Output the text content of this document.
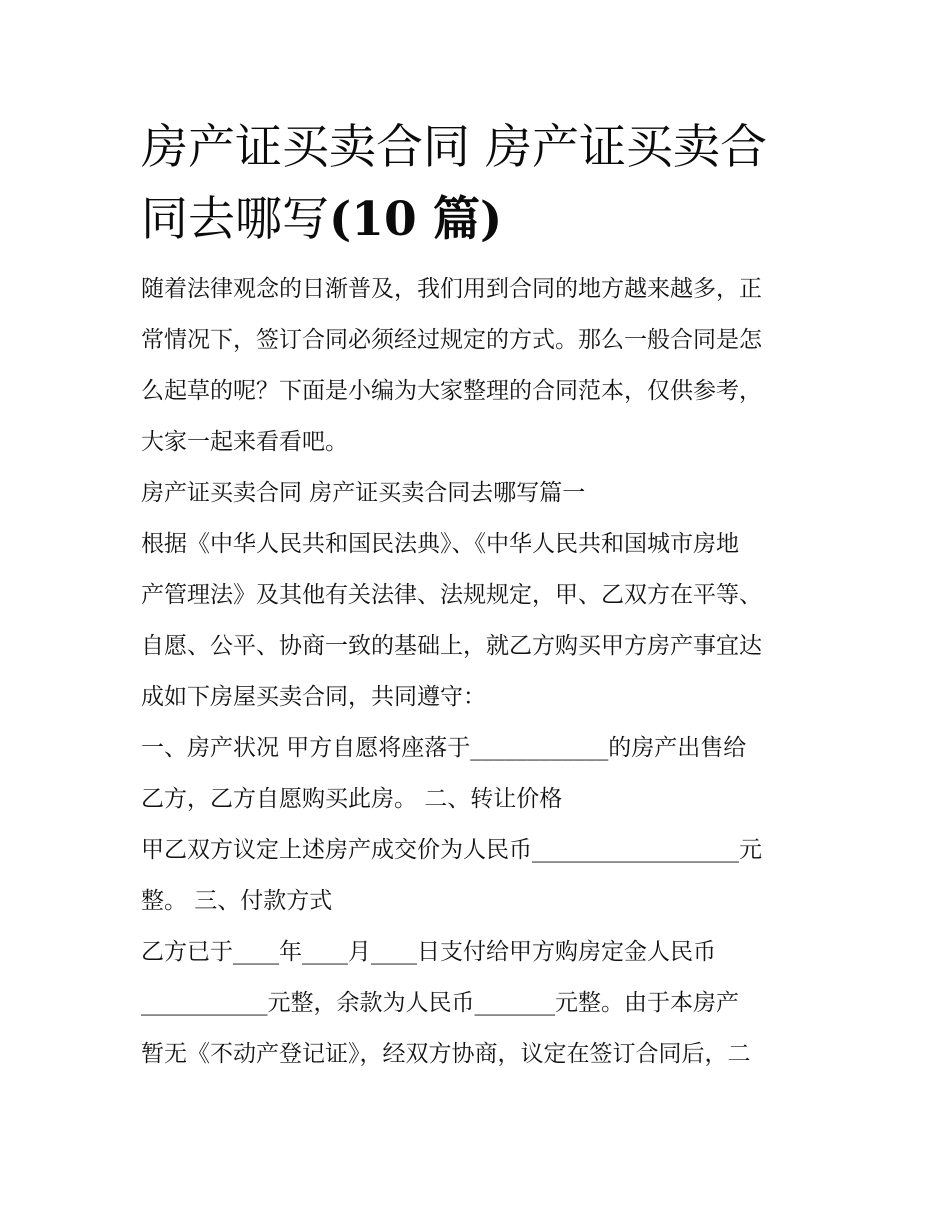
房产证买卖合同 房产证买卖合
同去哪写(10 篇)

随着法律观念的日渐普及，我们用到合同的地方越来越多，正

常情况下，签订合同必须经过规定的方式。那么一般合同是怎

么起草的呢？下面是小编为大家整理的合同范本，仅供参考，

大家一起来看看吧。

房产证买卖合同 房产证买卖合同去哪写篇一

根据《中华人民共和国民法典》、《中华人民共和国城市房地

产管理法》及其他有关法律、法规规定，甲、乙双方在平等、

自愿、公平、协商一致的基础上，就乙方购买甲方房产事宜达

成如下房屋买卖合同，共同遵守：

一、房产状况 甲方自愿将座落于____________的房产出售给

乙方，乙方自愿购买此房。 二、转让价格

甲乙双方议定上述房产成交价为人民币__________________元

整。 三、付款方式

乙方已于____年____月____日支付给甲方购房定金人民币

___________元整，余款为人民币_______元整。由于本房产

暂无《不动产登记证》，经双方协商，议定在签订合同后，二
